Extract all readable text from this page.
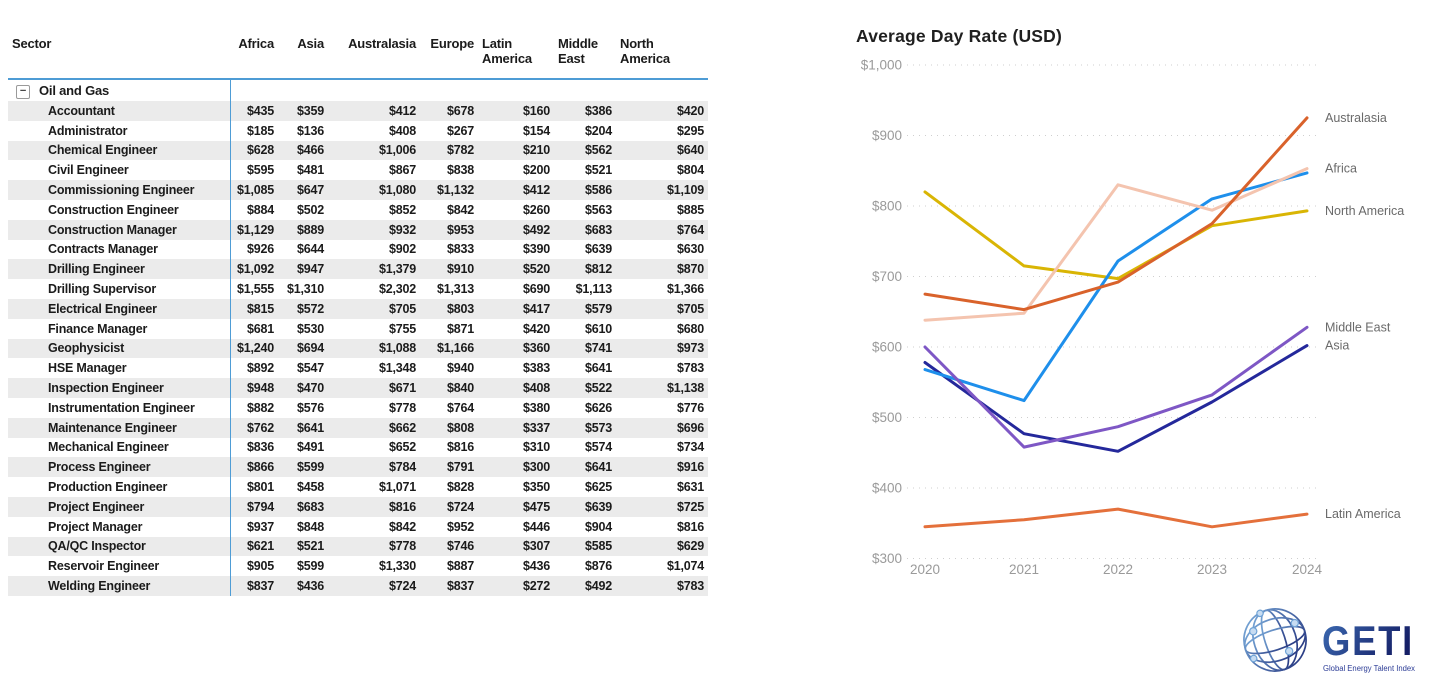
Sector	Africa	Asia	Australasia	Europe	Latin America	Middle East	North America
− Oil and Gas							
Accountant	$435	$359	$412	$678	$160	$386	$420
Administrator	$185	$136	$408	$267	$154	$204	$295
Chemical Engineer	$628	$466	$1,006	$782	$210	$562	$640
Civil Engineer	$595	$481	$867	$838	$200	$521	$804
Commissioning Engineer	$1,085	$647	$1,080	$1,132	$412	$586	$1,109
Construction Engineer	$884	$502	$852	$842	$260	$563	$885
Construction Manager	$1,129	$889	$932	$953	$492	$683	$764
Contracts Manager	$926	$644	$902	$833	$390	$639	$630
Drilling Engineer	$1,092	$947	$1,379	$910	$520	$812	$870
Drilling Supervisor	$1,555	$1,310	$2,302	$1,313	$690	$1,113	$1,366
Electrical Engineer	$815	$572	$705	$803	$417	$579	$705
Finance Manager	$681	$530	$755	$871	$420	$610	$680
Geophysicist	$1,240	$694	$1,088	$1,166	$360	$741	$973
HSE Manager	$892	$547	$1,348	$940	$383	$641	$783
Inspection Engineer	$948	$470	$671	$840	$408	$522	$1,138
Instrumentation Engineer	$882	$576	$778	$764	$380	$626	$776
Maintenance Engineer	$762	$641	$662	$808	$337	$573	$696
Mechanical Engineer	$836	$491	$652	$816	$310	$574	$734
Process Engineer	$866	$599	$784	$791	$300	$641	$916
Production Engineer	$801	$458	$1,071	$828	$350	$625	$631
Project Engineer	$794	$683	$816	$724	$475	$639	$725
Project Manager	$937	$848	$842	$952	$446	$904	$816
QA/QC Inspector	$621	$521	$778	$746	$307	$585	$629
Reservoir Engineer	$905	$599	$1,330	$887	$436	$876	$1,074
Welding Engineer	$837	$436	$724	$837	$272	$492	$783
Average Day Rate (USD)
$1,000
$900
$800
$700
$600
$500
$400
$300
2020	2021	2022	2023	2024
North America
Latin America
Asia
Middle East
Africa
Australasia
GETI
Global Energy Talent Index
